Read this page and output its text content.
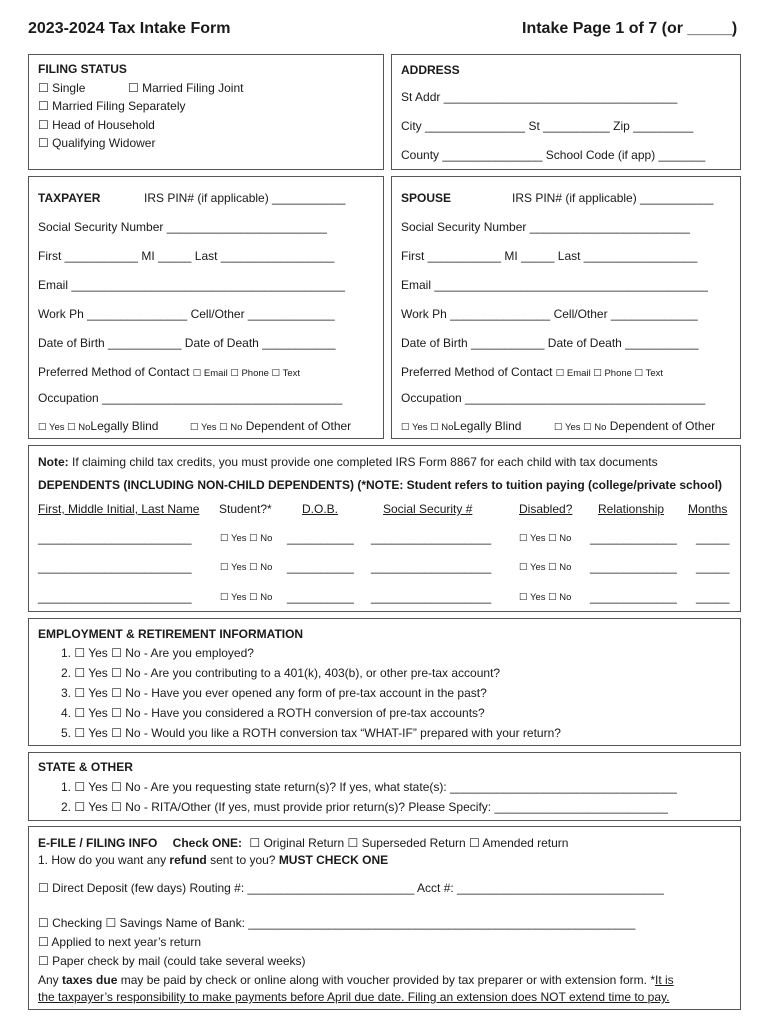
2023-2024 Tax Intake Form	Intake Page 1 of 7 (or _____)
FILING STATUS
☐ Single	☐ Married Filing Joint
☐ Married Filing Separately
☐ Head of Household
☐ Qualifying Widower
ADDRESS
St Addr ___________________________________
City _______________ St __________ Zip _________
County _______________ School Code (if app) _______
TAXPAYER	IRS PIN# (if applicable) ___________
Social Security Number ________________________
First ___________ MI _____ Last _________________
Email _________________________________________
Work Ph _______________ Cell/Other _____________
Date of Birth ___________ Date of Death ___________
Preferred Method of Contact ☐ Email ☐ Phone ☐ Text
Occupation ____________________________________
☐ Yes ☐ NoLegally Blind	☐ Yes ☐ No Dependent of Other
SPOUSE	IRS PIN# (if applicable) ___________
Social Security Number ________________________
First ___________ MI _____ Last _________________
Email _________________________________________
Work Ph _______________ Cell/Other _____________
Date of Birth ___________ Date of Death ___________
Preferred Method of Contact ☐ Email ☐ Phone ☐ Text
Occupation ____________________________________
☐ Yes ☐ NoLegally Blind	☐ Yes ☐ No Dependent of Other
Note: If claiming child tax credits, you must provide one completed IRS Form 8867 for each child with tax documents
DEPENDENTS (INCLUDING NON-CHILD DEPENDENTS) (*NOTE: Student refers to tuition paying (college/private school)
First, Middle Initial, Last Name Student?*	D.O.B.	Social Security #	Disabled? Relationship Months
_______________________	☐ Yes ☐ No __________ __________________	☐ Yes ☐ No _____________ _____
_______________________	☐ Yes ☐ No __________ __________________	☐ Yes ☐ No _____________ _____
_______________________	☐ Yes ☐ No __________ __________________	☐ Yes ☐ No _____________ _____
EMPLOYMENT & RETIREMENT INFORMATION
1. ☐ Yes ☐ No - Are you employed?
2. ☐ Yes ☐ No - Are you contributing to a 401(k), 403(b), or other pre-tax account?
3. ☐ Yes ☐ No - Have you ever opened any form of pre-tax account in the past?
4. ☐ Yes ☐ No - Have you considered a ROTH conversion of pre-tax accounts?
5. ☐ Yes ☐ No - Would you like a ROTH conversion tax “WHAT-IF” prepared with your return?
STATE & OTHER
1. ☐ Yes ☐ No - Are you requesting state return(s)? If yes, what state(s): __________________________________
2. ☐ Yes ☐ No - RITA/Other (If yes, must provide prior return(s)? Please Specify: __________________________
E-FILE / FILING INFO Check ONE: ☐ Original Return ☐ Superseded Return ☐ Amended return
1. How do you want any refund sent to you? MUST CHECK ONE
☐ Direct Deposit (few days) Routing #: _________________________ Acct #: _______________________________
☐ Checking ☐ Savings Name of Bank: __________________________________________________________
☐ Applied to next year’s return
☐ Paper check by mail (could take several weeks)
Any taxes due may be paid by check or online along with voucher provided by tax preparer or with extension form. *It is
the taxpayer’s responsibility to make payments before April due date. Filing an extension does NOT extend time to pay.
